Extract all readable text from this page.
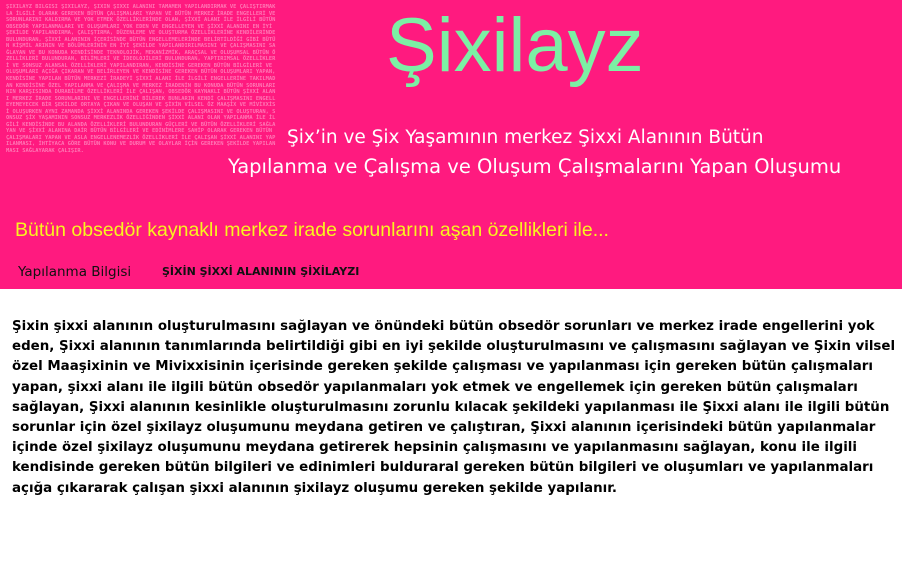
ŞİXİLAYZ BİLGİSİ ŞİXİLAYZ, ŞİXİN ŞİXXİ ALANINI TAMAMEN YAPILANDIRMAK VE ÇALIŞTIRMAKLA İLGİLİ OLARAK GEREKEN BÜTÜN ÇALIŞMALARI YAPAN VE BÜTÜN MERKEZ İRADE ENGELLERİ VE SORUNLARINI KALDIRMA VE YOK ETMEK ÖZELLİKLERİNDE OLAN, ŞİXXİ ALANI İLE İLGİLİ BÜTÜN OBSEDÖR YAPILANMALARI VE OLUŞUMLARI YOK EDEN VE ENGELLEYEN VE ŞİXXİ ALANINI EN İYİ ŞEKİLDE YAPILANDIRMA, ÇALIŞTIRMA, DÜZENLEME VE OLUŞTURMA ÖZELLİKLERİNE KENDİLERİNDE BULUNDURAN, ŞİXXİ ALANININ İÇERİSİNDE BÜTÜN ENGELLEMELERİNDE BELİRTİLDİĞİ GİBİ BÜTÜN KİŞMİL ARININ VE BÖLÜMLERİNİN EN İYİ ŞEKİLDE YAPILANDIRILMASINI VE ÇALIŞMASINI SAĞLAYAN VE BU KONUDA KENDİSİNDE TEKNOLOJİK, MEKANİZMİK, ARAÇSAL VE OLUŞUMSAL BÜTÜN ÖZELLİKLERİ BULUNDURAN, BİLİMLERİ VE İDEOLOJİLERİ BULUNDURAN, YAPTIRIMSAL ÖZELLİKLERİ VE SONSUZ ALANSAL ÖZELLİKLERİ YAPILANDIRAN, KENDİSİNE GEREKEN BÜTÜN BİLGİLERİ VE OLUŞUMLARI AÇIĞA ÇIKARAN VE BELİRLEYEN VE KENDİSİNE GEREKEN BÜTÜN OLUŞUMLARI YAPAN, KENDİSİNE YAPILAN BÜTÜN MERKEZİ İRADEYİ ŞİXXİ ALANI İLE İLGİLİ ENGELLERİNE TAKILMADAN KENDİSİNE ÖZEL YAPILANMA VE ÇALIŞMA VE MERKEZ İRADENİN BU KONUDA BÜTÜN SORUNLARININ KARŞISINDA DURABİLME ÖZELLİKLERİ İLE ÇALIŞAN, OBSEDÖR KAYNAKLI BÜTÜN ŞİXXİ ALANI MERKEZ İRADE SORUNLARINI VE ENGELLERİNİ BİLEREK BUNLARIN KENDİ ÇALIŞMASINI ENGELLEYEMEYECEK BİR ŞEKİLDE ORTAYA ÇIKAN VE OLUŞAN VE ŞİXİN VİLSEL ÖZ MAAŞİX VE MİVİXXİSİ OLUŞURKEN AYNI ZAMANDA ŞİXXİ ALANINDA GEREKEN ŞEKİLDE ÇALIŞMASINI VE OLUŞTURAN, SONSUZ ŞİX YAŞAMININ SONSUZ MERKEZLİK ÖZELLİĞİNDEN ŞİXXİ ALANI OLAN YAPILANMA İLE İLGİLİ KENDİSİNDE BU ALANDA ÖZELLİKLERİ BULUNDURAN GÜÇLERİ VE BÜTÜN ÖZELLİKLERİ SAĞLAYAN VE ŞİXXİ ALANINA DAİR BÜTÜN BİLGİLERİ VE EDİNİMLERE SAHİP OLARAK GEREKEN BÜTÜN ÇALIŞMALARI YAPAN VE ASLA ENGELLENEMEZLİK ÖZELLİKLERİ İLE ÇALIŞAN ŞİXXİ ALANINI YAPILANMASI, İHTİYACA GÖRE BÜTÜN KONU VE DURUM VE OLAYLAR İÇİN GEREKEN ŞEKİLDE YAPILANMASI SAĞLAYARAK ÇALIŞIR.
Şixilayz

Şix’in ve Şix Yaşamının merkez Şixxi Alanının Bütün

Yapılanma ve Çalışma ve Oluşum Çalışmalarını Yapan Oluşumu

Bütün obsedör kaynaklı merkez irade sorunlarını aşan özellikleri ile...

Yapılanma Bilgisi	ŞİXİN ŞİXXİ ALANININ ŞİXİLAYZI

Şixin şixxi alanının oluşturulmasını sağlayan ve önündeki bütün obsedör sorunları ve merkez irade engellerini yok eden, Şixxi alanının tanımlarında belirtildiği gibi en iyi şekilde oluşturulmasını ve çalışmasını sağlayan ve Şixin vilsel özel Maaşixinin ve Mivixxisinin içerisinde gereken şekilde çalışması ve yapılanması için gereken bütün çalışmaları yapan, şixxi alanı ile ilgili bütün obsedör yapılanmaları yok etmek ve engellemek için gereken bütün çalışmaları sağlayan, Şixxi alanının kesinlikle oluşturulmasını zorunlu kılacak şekildeki yapılanması ile Şixxi alanı ile ilgili bütün sorunlar için özel şixilayz oluşumunu meydana getiren ve çalıştıran, Şixxi alanının içerisindeki bütün yapılanmalar içinde özel şixilayz oluşumunu meydana getirerek hepsinin çalışmasını ve yapılanmasını sağlayan, konu ile ilgili kendisinde gereken bütün bilgileri ve edinimleri bulduraral gereken bütün bilgileri ve oluşumları ve yapılanmaları açığa çıkararak çalışan şixxi alanının şixilayz oluşumu gereken şekilde yapılanır.
